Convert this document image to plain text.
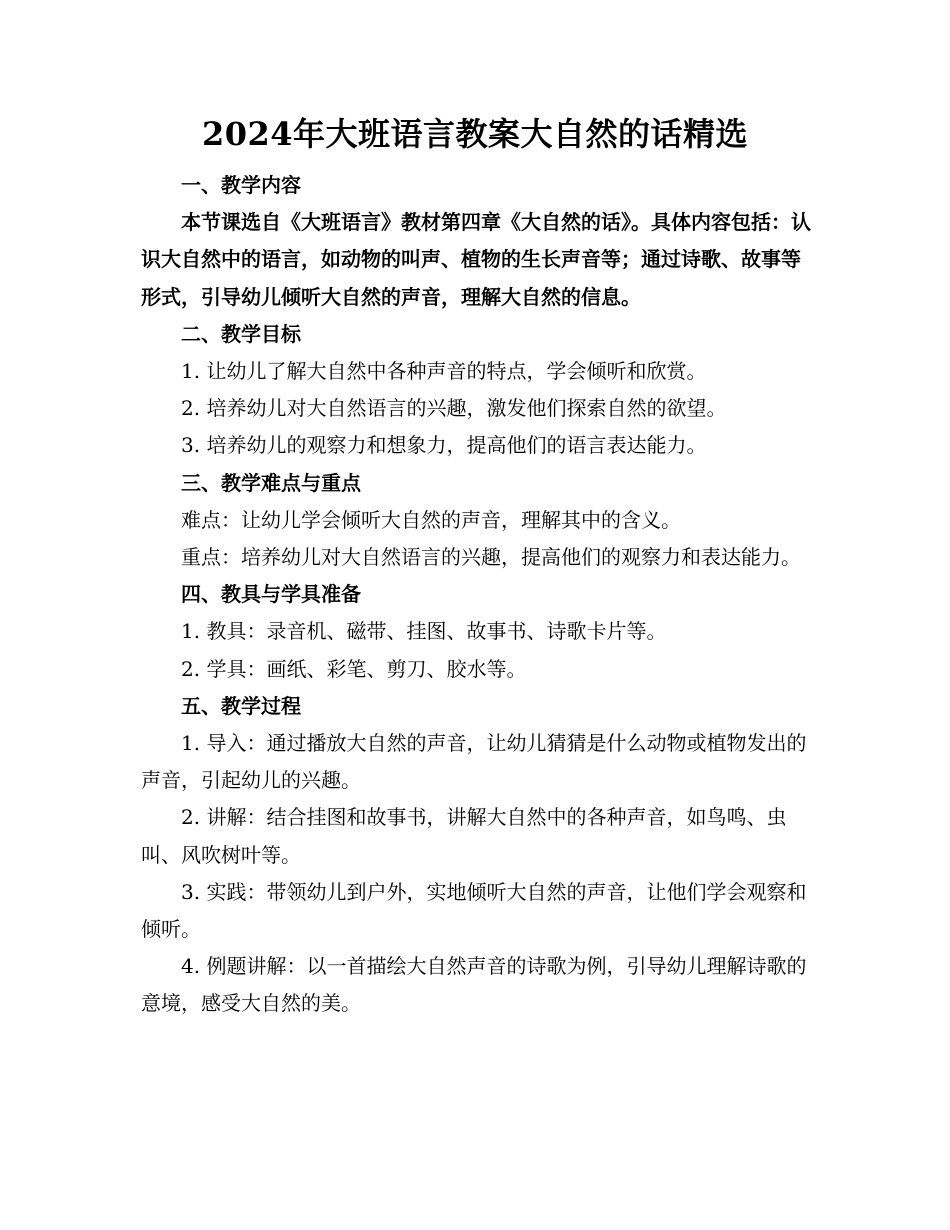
2024年大班语言教案大自然的话精选

一、教学内容

本节课选自《大班语言》教材第四章《大自然的话》。具体内容包括：认识大自然中的语言，如动物的叫声、植物的生长声音等；通过诗歌、故事等形式，引导幼儿倾听大自然的声音，理解大自然的信息。

二、教学目标

1. 让幼儿了解大自然中各种声音的特点，学会倾听和欣赏。

2. 培养幼儿对大自然语言的兴趣，激发他们探索自然的欲望。

3. 培养幼儿的观察力和想象力，提高他们的语言表达能力。

三、教学难点与重点

难点：让幼儿学会倾听大自然的声音，理解其中的含义。

重点：培养幼儿对大自然语言的兴趣，提高他们的观察力和表达能力。

四、教具与学具准备

1. 教具：录音机、磁带、挂图、故事书、诗歌卡片等。

2. 学具：画纸、彩笔、剪刀、胶水等。

五、教学过程

1. 导入：通过播放大自然的声音，让幼儿猜猜是什么动物或植物发出的声音，引起幼儿的兴趣。

2. 讲解：结合挂图和故事书，讲解大自然中的各种声音，如鸟鸣、虫叫、风吹树叶等。

3. 实践：带领幼儿到户外，实地倾听大自然的声音，让他们学会观察和倾听。

4. 例题讲解：以一首描绘大自然声音的诗歌为例，引导幼儿理解诗歌的意境，感受大自然的美。
